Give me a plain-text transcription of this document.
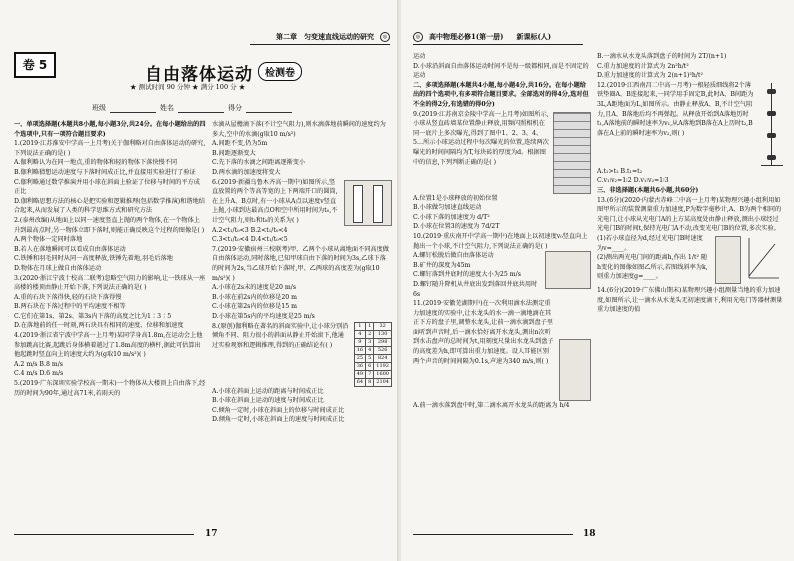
第二章　匀变速直线运动的研究	◎
卷 5	自由落体运动	检测卷
★ 测试时间 90 分钟 ★ 满分 100 分 ★
班级	姓名	得分

一、单项选择题(本题共8小题,每小题3分,共24分。在每小题给出的四个选项中,只有一项符合题目要求)

1.(2019·江苏淮安中学高一上月考)关于伽利略对自由落体运动的研究,下列说法正确的是( )

A.伽利略认为在同一地点,重的物体和轻的物体下落快慢不同

B.伽利略猜想运动速度与下落时间成正比,并直接用实验进行了验证

C.伽利略通过数学推演并用小球在斜面上验证了位移与时间的平方成正比

D.伽利略思想方法的核心是把实验和逻辑推理(包括数学推演)和谐地结合起来,从而发展了人类的科学思维方式和研究方法

2.(泰州改编)从地面上以同一速度竖直上抛的两个物体,在一个物体上升到最高点时,另一物体立即下落时,则能正确反映这个过程的图像是( )

A.两个物体一定同时落地

B.若人在落地瞬间可以看成自由落体运动

C.铁锤和羽毛同时从同一高度释放,铁锤先着地,羽毛后落地

D.物体在月球上做自由落体运动

3.(2020·浙江宁波十校高二联考)忽略空气阻力的影响,让一铁球从一座高楼的楼顶由静止开始下落,下列说法正确的是( )

A.重的石块下落得快,轻的石块下落得慢

B.两石块在下落过程中的平均速度不相等

C.它们在第1s、第2s、第3s内下落的高度之比为1∶3∶5

D.在落地前的任一时刻,两石块具有相同的速度、位移和加速度

4.(2019·浙江省宁波中学高一上月考)某同学身高1.8m,在运动会上他参加跳高比赛,起跳后身体横着越过了1.8m高度的横杆,据此可估算出他起跳时竖直向上的速度大约为(g取10 m/s²)( )

A.2 m/s B.8 m/s

C.4 m/s D.6 m/s

5.(2019·广东深圳实验学校高一期末)一个物体从大楼顶上自由落下,经历的时间为90年,通过高71米,若雨天的

水滴从屋檐滴下落(不计空气阻力),则水滴落地前瞬间的速度约为多大,空中的水滴(g取10 m/s²)

A.间距不变,仍为5m

B.间距逐渐变大

C.先下落的水滴之间距离逐渐变小

D.两水滴的加速度将变大

6.(2019·新疆乌鲁木齐高一期中)如图所示,竖直放置的两个等高等宽的上下两端开口的圆筒,在上升A、B点时,有一小球从A点以速度v竖直上抛,小球到达最高点O和空中所用时间为t₀,不计空气阻力,则t₁和t₀的关系为( )

A.2<t₁/t₀<3 B.2<t₁/t₀<4

C.3<t₁/t₀<4 D.4<t₁/t₀<5

7.(2019·安徽宿州三校联考)甲、乙两个小球从离地面不同高度做自由落体运动,同时落地,已知甲球自由下落的时间为3s,乙球下落的时间为2s,当乙球开始下落时,甲、乙两球的高度差为(g取10 m/s²)( )

A.小球在2s末的速度是20 m/s

B.小球在前2s内的位移是20 m

C.小球在第2s内的位移是15 m

D.小球在第5s内的平均速度是25 m/s

8.(原创)伽利略在著名的斜面实验中,让小球分别沿倾角不同、阻力很小的斜面从静止开始滚下,他通过实验观察和逻辑推理,得到的正确结论有( )

1	1	32
4	2	130
9	3	298
16	4	526
25	5	824
36	6	1192
49	7	1600
64	8	2104

A.小球在斜面上运动的距离与时间成正比

B.小球在斜面上运动的速度与时间成正比

C.倾角一定时,小球在斜面上的位移与时间成正比

D.倾角一定时,小球在斜面上的速度与时间成正比

17
◎	高中物理必修1(第一册)　 新课标(人)

运动

D.小球沿斜面自由落体运动时间不是每一级都相同,而是不固定的运动

二、多项选择题(本题共4小题,每小题4分,共16分。在每小题给出的四个选项中,有多项符合题目要求。全部选对的得4分,选对但不全的得2分,有选错的得0分)

9.(2019·江苏南京金陵中学高一上月考)如图所示,小球从竖直砖墙某位置静止释放,用频闪照相机在同一底片上多次曝光,得到了图中1、2、3、4、5…所示小球运动过程中每次曝光的位置,连续两次曝光的时间间隔均为T,每块砖的厚度为d。根据图中的信息,下列判断正确的是( )

A.位置1是小球释放的初始位置

B.小球做匀加速直线运动

C.小球下落的加速度为 d/T²

D.小球在位置3的速度为 7d/2T

10.(2019·重庆南开中学高一期中)在地面上以初速度v₀竖直向上抛出一个小球,不计空气阻力,下列说法正确的是( )

A.螺钉松脱后做自由落体运动

B.矿井的深度为45m

C.螺钉落到井底时的速度大小为25 m/s

D.螺钉随升降机从井底出发到落回井底共用时6s

11.(2019·安徽芜湖期中)在一次利用滴水法测定重力加速度的实验中,让水龙头的水一滴一滴地滴在其正下方的盘子里,调整水龙头,让前一滴水滴到盘子里面听到声音时,后一滴水恰好离开水龙头,测出n次听到水击盘声的总时间为t,用刻度尺量出水龙头到盘子的高度差为h,即可算出重力加速度。设人耳能区别两个声音的时间间隔为0.1s,声速为340 m/s,则( )

A.前一滴水落到盘中时,第二滴水离开水龙头的距离为 h/4

B.一滴水从水龙头落到盘子的时间为 2T/(n+1)

C.重力加速度的计算式为 2n²h/t²

D.重力加速度的计算式为 2(n+1)²h/t²

12.(2019·江西南昌二中高一月考)一根轻质细线将2个薄铁垫圈A、B连接起来,一同学用手固定B,此时A、B间距为3L,A距地面为L,如图所示。由静止释放A、B,不计空气阻力,且A、B落地后均不再弹起。从释放开始到A落地历时t₁,A落地前的瞬时速率为v₁,从A落地到B落在A上历时t₂,B落在A上前的瞬时速率为v₂,则( )

A.t₁>t₂ B.t₁=t₂

C.v₁∶v₂=1∶2 D.v₁∶v₂=1∶3

三、非选择题(本题共6小题,共60分)

13.(6分)(2020·内蒙古赤峰二中高一上月考)某物理兴趣小组利用如图甲所示的装置测量重力加速度,P为数字毫秒计,A、B为两个相同的光电门,让小球从光电门A的上方某高度处由静止释放,测出小球经过光电门B的时间t,保持光电门A不动,改变光电门B的位置,多次实验。

(1)若小球直径为d,经过光电门B时速度为v=____。

(2)测出两光电门间的距离h,作出 1/t² 随h变化的图像如图乙所示,若图线斜率为k,则重力加速度g=____。

14.(6分)(2019·广东佛山期末)某物理兴趣小组测量当地的重力加速度,如图所示,让一滴水从水龙头无初速度滴下,利用光电门等器材测量重力加速度的值

18
